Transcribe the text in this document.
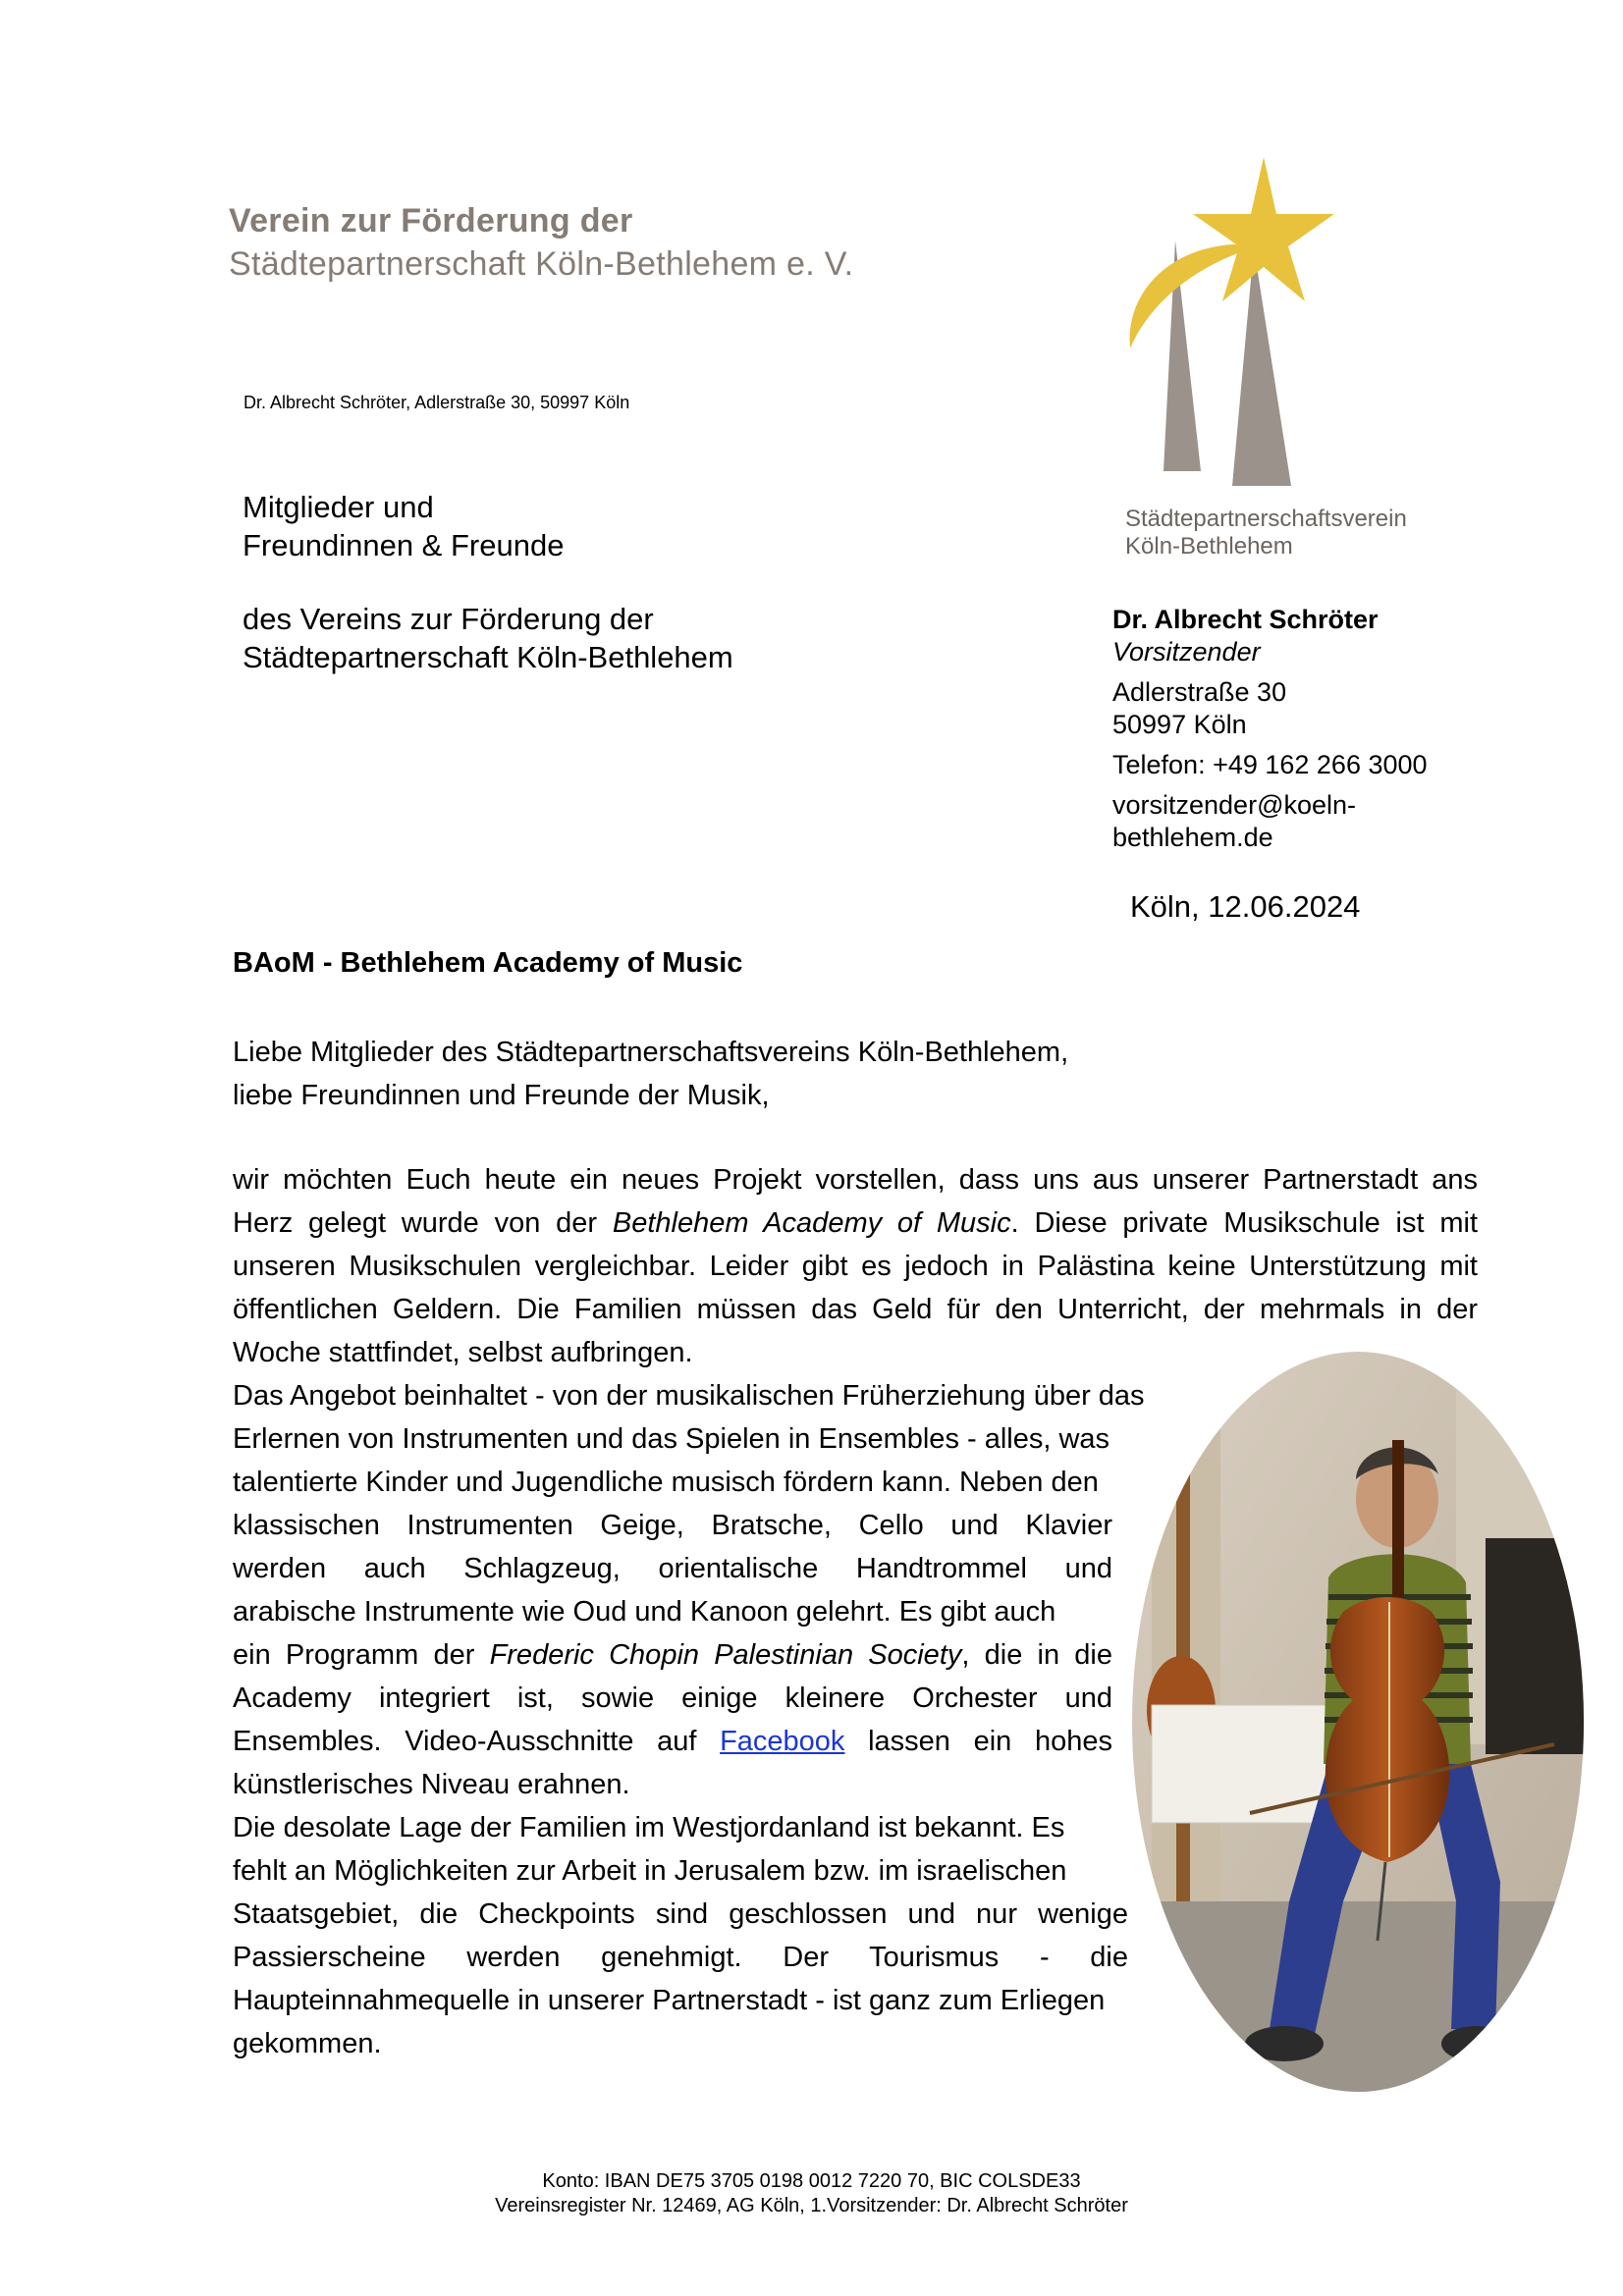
Verein zur Förderung der
Städtepartnerschaft Köln-Bethlehem e. V.
Dr. Albrecht Schröter, Adlerstraße 30, 50997 Köln
Mitglieder und
Freundinnen & Freunde
des Vereins zur Förderung der
Städtepartnerschaft Köln-Bethlehem
Städtepartnerschaftsverein
Köln-Bethlehem
Dr. Albrecht Schröter
Vorsitzender
Adlerstraße 30
50997 Köln
Telefon: +49 162 266 3000
vorsitzender@koeln-
bethlehem.de
Köln, 12.06.2024
BAoM - Bethlehem Academy of Music
Liebe Mitglieder des Städtepartnerschaftsvereins Köln-Bethlehem,
liebe Freundinnen und Freunde der Musik,
wir möchten Euch heute ein neues Projekt vorstellen, dass uns aus unserer Partnerstadt ans
Herz gelegt wurde von der Bethlehem Academy of Music. Diese private Musikschule ist mit
unseren Musikschulen vergleichbar. Leider gibt es jedoch in Palästina keine Unterstützung mit
öffentlichen Geldern. Die Familien müssen das Geld für den Unterricht, der mehrmals in der
Woche stattfindet, selbst aufbringen.
Das Angebot beinhaltet - von der musikalischen Früherziehung über das
Erlernen von Instrumenten und das Spielen in Ensembles - alles, was
talentierte Kinder und Jugendliche musisch fördern kann. Neben den
klassischen Instrumenten Geige, Bratsche, Cello und Klavier
werden auch Schlagzeug, orientalische Handtrommel und
arabische Instrumente wie Oud und Kanoon gelehrt. Es gibt auch
ein Programm der Frederic Chopin Palestinian Society, die in die
Academy integriert ist, sowie einige kleinere Orchester und
Ensembles. Video-Ausschnitte auf Facebook lassen ein hohes
künstlerisches Niveau erahnen.
Die desolate Lage der Familien im Westjordanland ist bekannt. Es
fehlt an Möglichkeiten zur Arbeit in Jerusalem bzw. im israelischen
Staatsgebiet, die Checkpoints sind geschlossen und nur wenige
Passierscheine werden genehmigt. Der Tourismus - die
Haupteinnahmequelle in unserer Partnerstadt - ist ganz zum Erliegen
gekommen.
Konto: IBAN DE75 3705 0198 0012 7220 70, BIC COLSDE33
Vereinsregister Nr. 12469, AG Köln, 1.Vorsitzender: Dr. Albrecht Schröter
